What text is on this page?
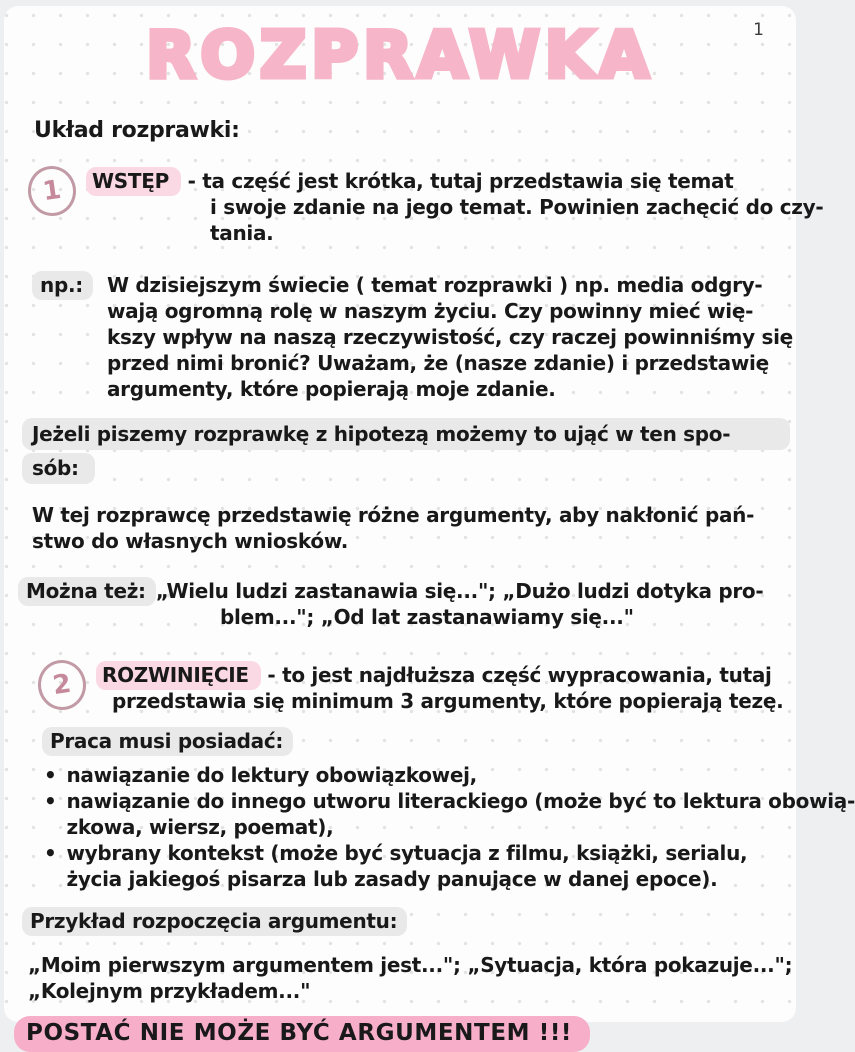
1
ROZPRAWKA
Układ rozprawki:
1 WSTĘP - ta część jest krótka, tutaj przedstawia się temat
i swoje zdanie na jego temat. Powinien zachęcić do czy-
tania.
np.:	W dzisiejszym świecie ( temat rozprawki ) np. media odgry-
wają ogromną rolę w naszym życiu. Czy powinny mieć wię-
kszy wpływ na naszą rzeczywistość, czy raczej powinniśmy się
przed nimi bronić? Uważam, że (nasze zdanie) i przedstawię
argumenty, które popierają moje zdanie.
Jeżeli piszemy rozprawkę z hipotezą możemy to ująć w ten spo-
sób:
W tej rozprawcę przedstawię różne argumenty, aby nakłonić pań-
stwo do własnych wniosków.
Można też: „Wielu ludzi zastanawia się..."; „Dużo ludzi dotyka pro-
blem..."; „Od lat zastanawiamy się..."
2 ROZWINIĘCIE - to jest najdłuższa część wypracowania, tutaj
przedstawia się minimum 3 argumenty, które popierają tezę.
Praca musi posiadać:
• nawiązanie do lektury obowiązkowej,
• nawiązanie do innego utworu literackiego (może być to lektura obowią-
zkowa, wiersz, poemat),
• wybrany kontekst (może być sytuacja z filmu, książki, serialu,
życia jakiegoś pisarza lub zasady panujące w danej epoce).
Przykład rozpoczęcia argumentu:
„Moim pierwszym argumentem jest..."; „Sytuacja, która pokazuje...";
„Kolejnym przykładem..."
POSTAĆ NIE MOŻE BYĆ ARGUMENTEM !!!
